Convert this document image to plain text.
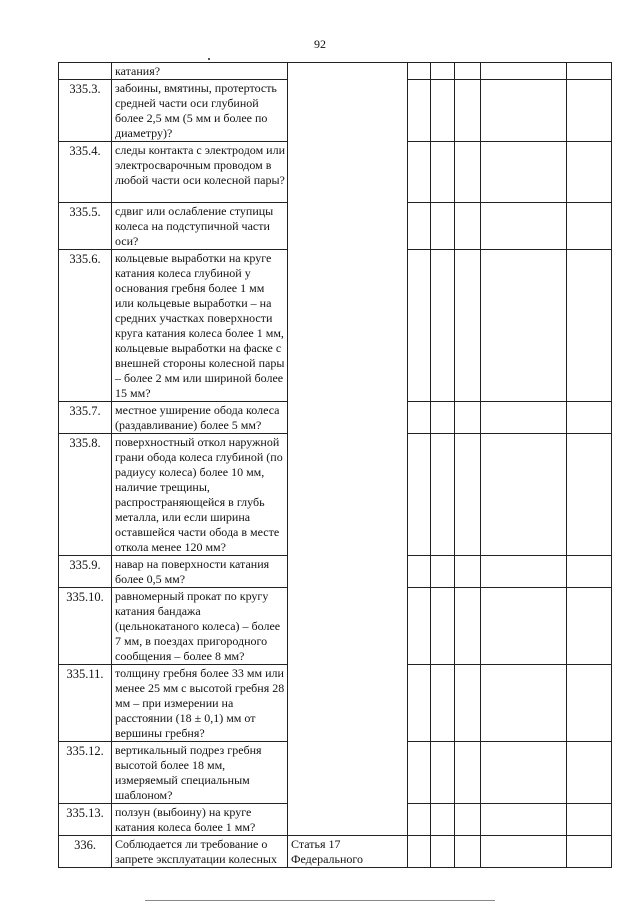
92
	катания?						
335.3.	забоины, вмятины, протертость средней части оси глубиной более 2,5 мм (5 мм и более по диаметру)?						
335.4.	следы контакта с электродом или электросварочным проводом в любой части оси колесной пары?						
335.5.	сдвиг или ослабление ступицы колеса на подступичной части оси?						
335.6.	кольцевые выработки на круге катания колеса глубиной у основания гребня более 1 мм или кольцевые выработки – на средних участках поверхности круга катания колеса более 1 мм, кольцевые выработки на фаске с внешней стороны колесной пары – более 2 мм или шириной более 15 мм?						
335.7.	местное уширение обода колеса (раздавливание) более 5 мм?						
335.8.	поверхностный откол наружной грани обода колеса глубиной (по радиусу колеса) более 10 мм, наличие трещины, распространяющейся в глубь металла, или если ширина оставшейся части обода в месте откола менее 120 мм?						
335.9.	навар на поверхности катания более 0,5 мм?						
335.10.	равномерный прокат по кругу катания бандажа (цельнокатаного колеса) – более 7 мм, в поездах пригородного сообщения – более 8 мм?						
335.11.	толщину гребня более 33 мм или менее 25 мм с высотой гребня 28 мм – при измерении на расстоянии (18 ± 0,1) мм от вершины гребня?						
335.12.	вертикальный подрез гребня высотой более 18 мм, измеряемый специальным шаблоном?						
335.13.	ползун (выбоину) на круге катания колеса более 1 мм?						
336.	Соблюдается ли требование о запрете эксплуатации колесных	Статья 17 Федерального					
